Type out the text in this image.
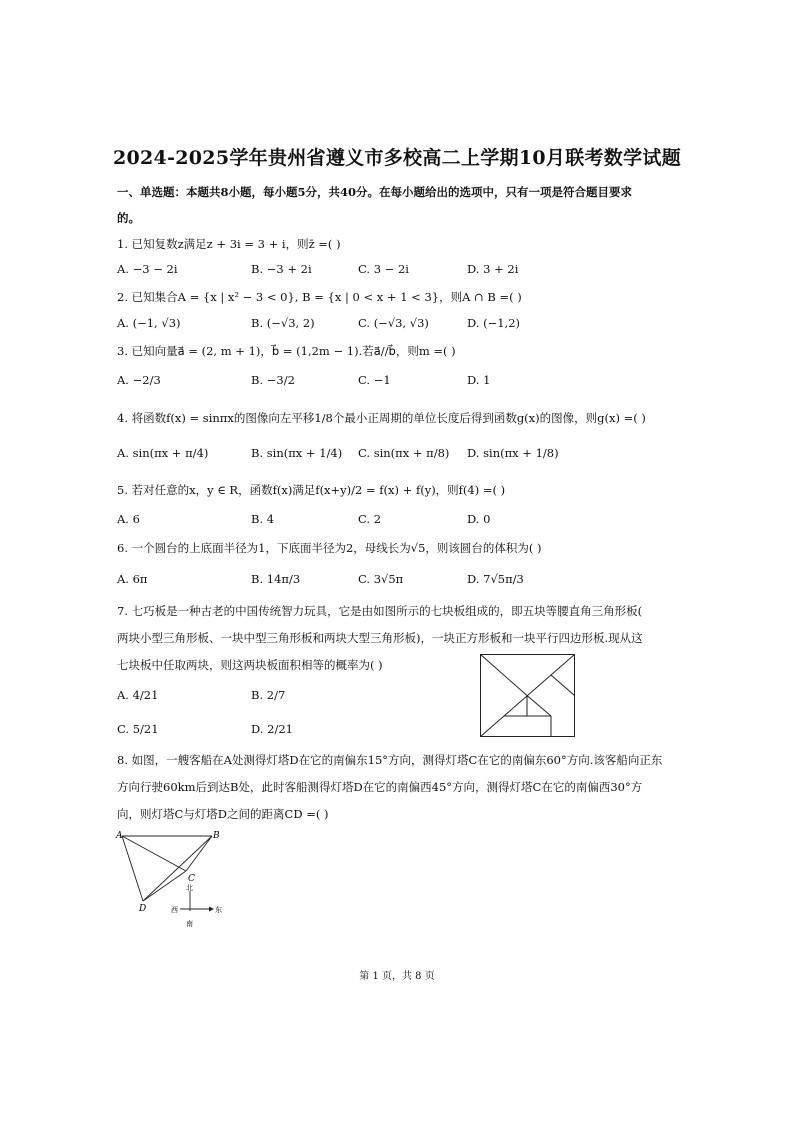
2024-2025学年贵州省遵义市多校高二上学期10月联考数学试题
一、单选题：本题共8小题，每小题5分，共40分。在每小题给出的选项中，只有一项是符合题目要求
的。
1. 已知复数z满足z + 3i = 3 + i，则z̄ =( )
A. −3 − 2i	B. −3 + 2i	C. 3 − 2i	D. 3 + 2i
2. 已知集合A = {x | x² − 3 < 0}, B = {x | 0 < x + 1 < 3}，则A ∩ B =( )
A. (−1, √3)	B. (−√3, 2)	C. (−√3, √3)	D. (−1,2)
3. 已知向量a⃗ = (2, m + 1)，b⃗ = (1,2m − 1).若a⃗//b⃗，则m =( )
A. −2/3	B. −3/2	C. −1	D. 1
4. 将函数f(x) = sinπx的图像向左平移1/8个最小正周期的单位长度后得到函数g(x)的图像，则g(x) =( )
A. sin(πx + π/4)	B. sin(πx + 1/4) C. sin(πx + π/8) D. sin(πx + 1/8)
5. 若对任意的x，y ∈ R，函数f(x)满足f(x+y)/2 = f(x) + f(y)，则f(4) =( )
A. 6	B. 4	C. 2	D. 0
6. 一个圆台的上底面半径为1，下底面半径为2，母线长为√5，则该圆台的体积为( )
A. 6π	B. 14π/3	C. 3√5π	D. 7√5π/3
7. 七巧板是一种古老的中国传统智力玩具，它是由如图所示的七块板组成的，即五块等腰直角三角形板(
两块小型三角形板、一块中型三角形板和两块大型三角形板)，一块正方形板和一块平行四边形板.现从这
七块板中任取两块，则这两块板面积相等的概率为( )
A. 4/21	B. 2/7
C. 5/21	D. 2/21
8. 如图，一艘客船在A处测得灯塔D在它的南偏东15°方向，测得灯塔C在它的南偏东60°方向.该客船向正东
方向行驶60km后到达B处，此时客船测得灯塔D在它的南偏西45°方向，测得灯塔C在它的南偏西30°方
向，则灯塔C与灯塔D之间的距离CD =( )
A	B
C
D
北
南
西	东
第 1 页，共 8 页
